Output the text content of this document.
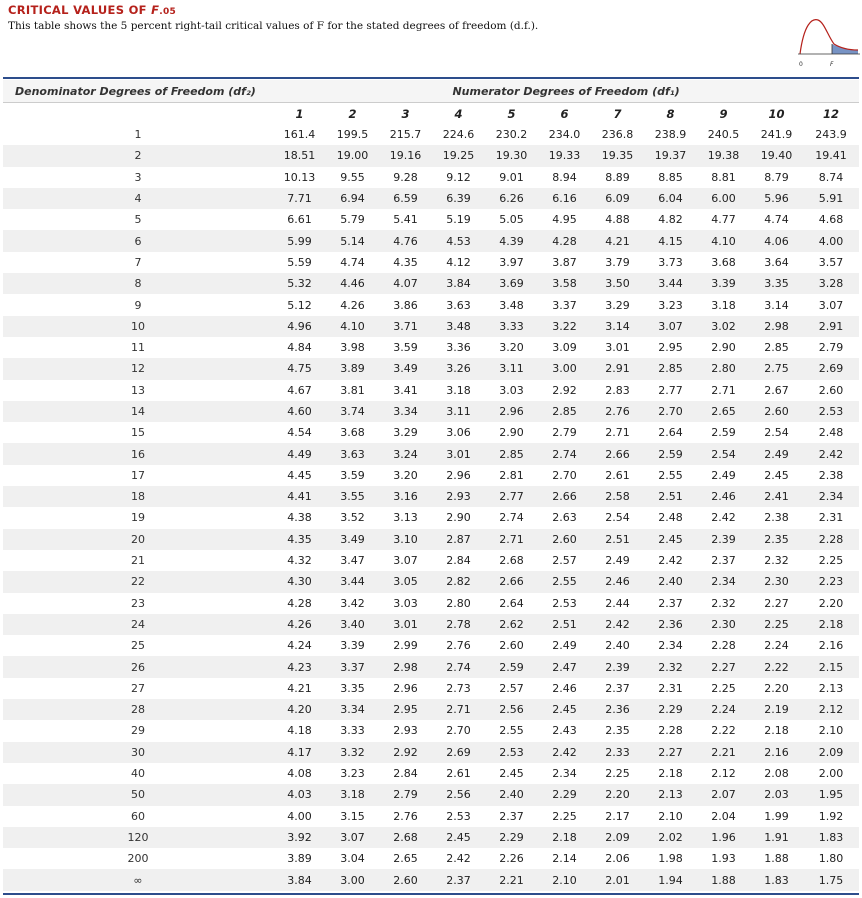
CRITICAL VALUES OF F.05
This table shows the 5 percent right-tail critical values of F for the stated degrees of freedom (d.f.).
0	F
Denominator Degrees of Freedom (df₂)	Numerator Degrees of Freedom (df₁)										
	1	2	3	4	5	6	7	8	9	10	12
1	161.4	199.5	215.7	224.6	230.2	234.0	236.8	238.9	240.5	241.9	243.9
2	18.51	19.00	19.16	19.25	19.30	19.33	19.35	19.37	19.38	19.40	19.41
3	10.13	9.55	9.28	9.12	9.01	8.94	8.89	8.85	8.81	8.79	8.74
4	7.71	6.94	6.59	6.39	6.26	6.16	6.09	6.04	6.00	5.96	5.91
5	6.61	5.79	5.41	5.19	5.05	4.95	4.88	4.82	4.77	4.74	4.68
6	5.99	5.14	4.76	4.53	4.39	4.28	4.21	4.15	4.10	4.06	4.00
7	5.59	4.74	4.35	4.12	3.97	3.87	3.79	3.73	3.68	3.64	3.57
8	5.32	4.46	4.07	3.84	3.69	3.58	3.50	3.44	3.39	3.35	3.28
9	5.12	4.26	3.86	3.63	3.48	3.37	3.29	3.23	3.18	3.14	3.07
10	4.96	4.10	3.71	3.48	3.33	3.22	3.14	3.07	3.02	2.98	2.91
11	4.84	3.98	3.59	3.36	3.20	3.09	3.01	2.95	2.90	2.85	2.79
12	4.75	3.89	3.49	3.26	3.11	3.00	2.91	2.85	2.80	2.75	2.69
13	4.67	3.81	3.41	3.18	3.03	2.92	2.83	2.77	2.71	2.67	2.60
14	4.60	3.74	3.34	3.11	2.96	2.85	2.76	2.70	2.65	2.60	2.53
15	4.54	3.68	3.29	3.06	2.90	2.79	2.71	2.64	2.59	2.54	2.48
16	4.49	3.63	3.24	3.01	2.85	2.74	2.66	2.59	2.54	2.49	2.42
17	4.45	3.59	3.20	2.96	2.81	2.70	2.61	2.55	2.49	2.45	2.38
18	4.41	3.55	3.16	2.93	2.77	2.66	2.58	2.51	2.46	2.41	2.34
19	4.38	3.52	3.13	2.90	2.74	2.63	2.54	2.48	2.42	2.38	2.31
20	4.35	3.49	3.10	2.87	2.71	2.60	2.51	2.45	2.39	2.35	2.28
21	4.32	3.47	3.07	2.84	2.68	2.57	2.49	2.42	2.37	2.32	2.25
22	4.30	3.44	3.05	2.82	2.66	2.55	2.46	2.40	2.34	2.30	2.23
23	4.28	3.42	3.03	2.80	2.64	2.53	2.44	2.37	2.32	2.27	2.20
24	4.26	3.40	3.01	2.78	2.62	2.51	2.42	2.36	2.30	2.25	2.18
25	4.24	3.39	2.99	2.76	2.60	2.49	2.40	2.34	2.28	2.24	2.16
26	4.23	3.37	2.98	2.74	2.59	2.47	2.39	2.32	2.27	2.22	2.15
27	4.21	3.35	2.96	2.73	2.57	2.46	2.37	2.31	2.25	2.20	2.13
28	4.20	3.34	2.95	2.71	2.56	2.45	2.36	2.29	2.24	2.19	2.12
29	4.18	3.33	2.93	2.70	2.55	2.43	2.35	2.28	2.22	2.18	2.10
30	4.17	3.32	2.92	2.69	2.53	2.42	2.33	2.27	2.21	2.16	2.09
40	4.08	3.23	2.84	2.61	2.45	2.34	2.25	2.18	2.12	2.08	2.00
50	4.03	3.18	2.79	2.56	2.40	2.29	2.20	2.13	2.07	2.03	1.95
60	4.00	3.15	2.76	2.53	2.37	2.25	2.17	2.10	2.04	1.99	1.92
120	3.92	3.07	2.68	2.45	2.29	2.18	2.09	2.02	1.96	1.91	1.83
200	3.89	3.04	2.65	2.42	2.26	2.14	2.06	1.98	1.93	1.88	1.80
∞	3.84	3.00	2.60	2.37	2.21	2.10	2.01	1.94	1.88	1.83	1.75
